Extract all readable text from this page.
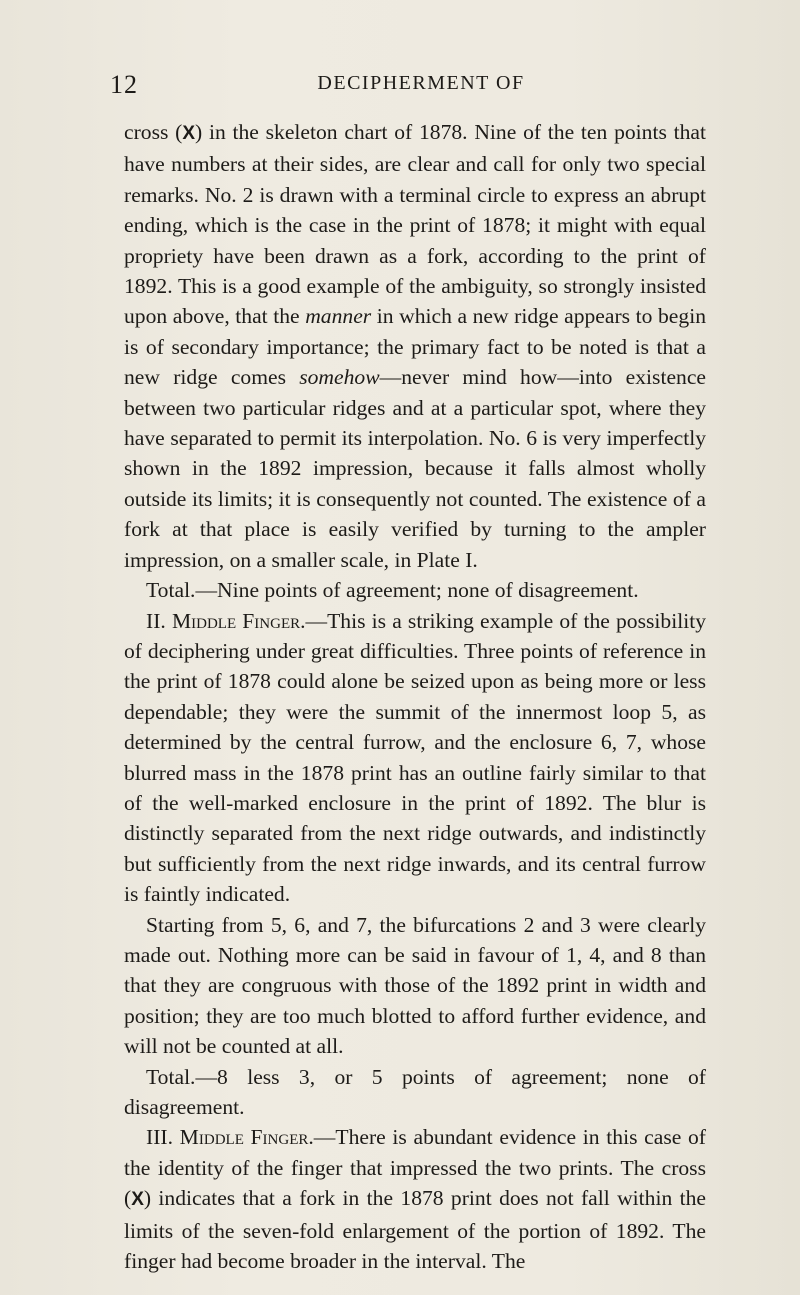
12	DECIPHERMENT OF

cross (X) in the skeleton chart of 1878. Nine of the ten points that have numbers at their sides, are clear and call for only two special remarks. No. 2 is drawn with a terminal circle to express an abrupt ending, which is the case in the print of 1878; it might with equal propriety have been drawn as a fork, according to the print of 1892. This is a good example of the ambiguity, so strongly insisted upon above, that the manner in which a new ridge appears to begin is of secondary importance; the primary fact to be noted is that a new ridge comes somehow—never mind how—into existence between two particular ridges and at a particular spot, where they have separated to permit its interpolation. No. 6 is very imperfectly shown in the 1892 impression, because it falls almost wholly outside its limits; it is consequently not counted. The existence of a fork at that place is easily verified by turning to the ampler impression, on a smaller scale, in Plate I.

Total.—Nine points of agreement; none of disagreement.

II. Middle Finger.—This is a striking example of the possibility of deciphering under great difficulties. Three points of reference in the print of 1878 could alone be seized upon as being more or less dependable; they were the summit of the innermost loop 5, as determined by the central furrow, and the enclosure 6, 7, whose blurred mass in the 1878 print has an outline fairly similar to that of the well-marked enclosure in the print of 1892. The blur is distinctly separated from the next ridge outwards, and indistinctly but sufficiently from the next ridge inwards, and its central furrow is faintly indicated.

Starting from 5, 6, and 7, the bifurcations 2 and 3 were clearly made out. Nothing more can be said in favour of 1, 4, and 8 than that they are congruous with those of the 1892 print in width and position; they are too much blotted to afford further evidence, and will not be counted at all.

Total.—8 less 3, or 5 points of agreement; none of disagreement.

III. Middle Finger.—There is abundant evidence in this case of the identity of the finger that impressed the two prints. The cross (X) indicates that a fork in the 1878 print does not fall within the limits of the seven-fold enlargement of the portion of 1892. The finger had become broader in the interval. The
